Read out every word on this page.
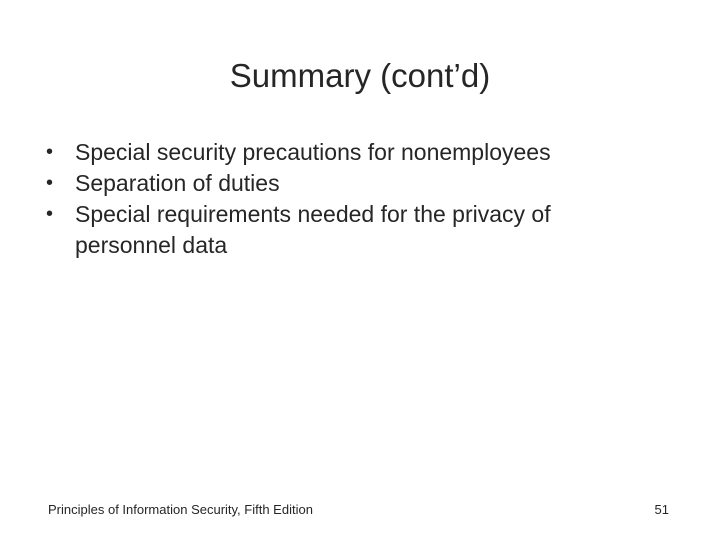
Summary (cont’d)
• Special security precautions for nonemployees
• Separation of duties
• Special requirements needed for the privacy of personnel data
Principles of Information Security, Fifth Edition	51
